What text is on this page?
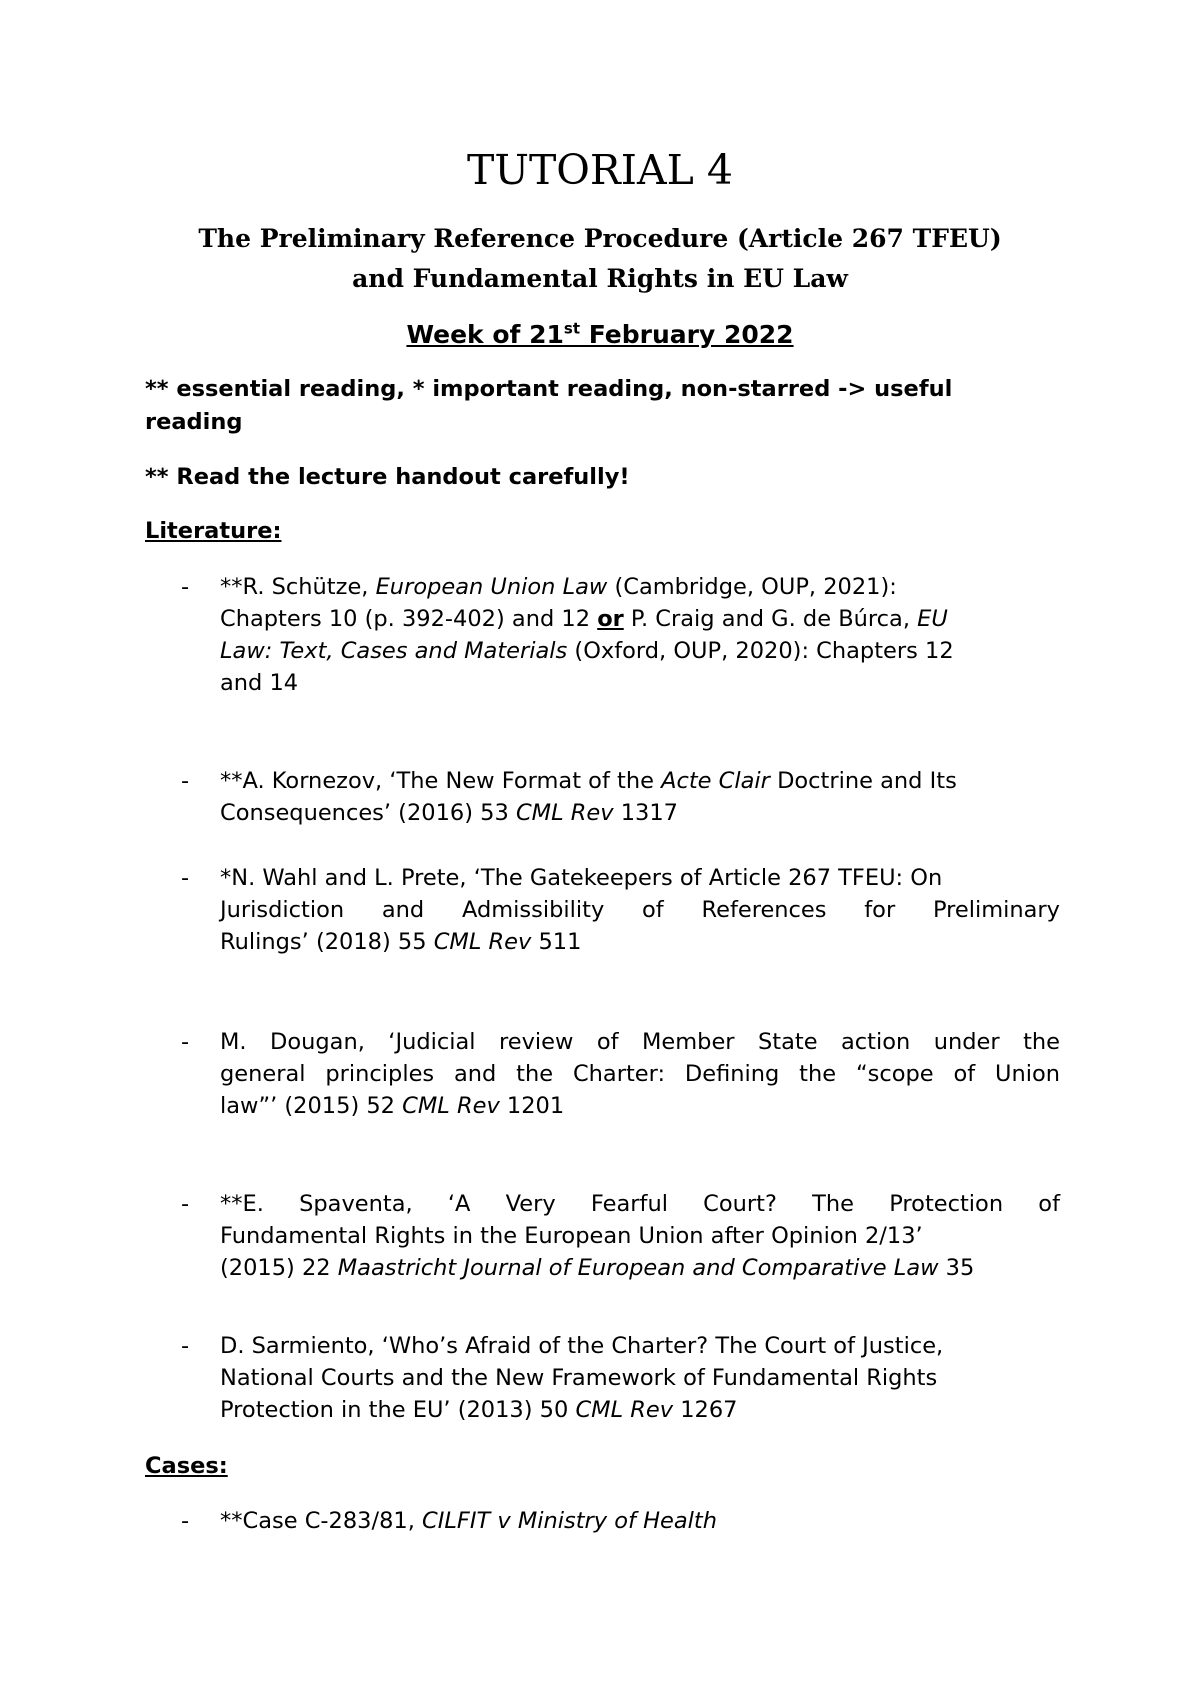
TUTORIAL 4
The Preliminary Reference Procedure (Article 267 TFEU)
and Fundamental Rights in EU Law
Week of 21st February 2022
** essential reading, * important reading, non-starred -> useful
reading
** Read the lecture handout carefully!
Literature:
- **R. Schütze, European Union Law (Cambridge, OUP, 2021):
Chapters 10 (p. 392-402) and 12 or P. Craig and G. de Búrca, EU
Law: Text, Cases and Materials (Oxford, OUP, 2020): Chapters 12
and 14
- **A. Kornezov, ‘The New Format of the Acte Clair Doctrine and Its
Consequences’ (2016) 53 CML Rev 1317
- *N. Wahl and L. Prete, ‘The Gatekeepers of Article 267 TFEU: On
Jurisdiction and Admissibility of References for Preliminary
Rulings’ (2018) 55 CML Rev 511
- M. Dougan, ‘Judicial review of Member State action under the
general principles and the Charter: Defining the “scope of Union
law”’ (2015) 52 CML Rev 1201
- **E. Spaventa, ‘A Very Fearful Court? The Protection of
Fundamental Rights in the European Union after Opinion 2/13’
(2015) 22 Maastricht Journal of European and Comparative Law 35
- D. Sarmiento, ‘Who’s Afraid of the Charter? The Court of Justice,
National Courts and the New Framework of Fundamental Rights
Protection in the EU’ (2013) 50 CML Rev 1267
Cases:
- **Case C-283/81, CILFIT v Ministry of Health
